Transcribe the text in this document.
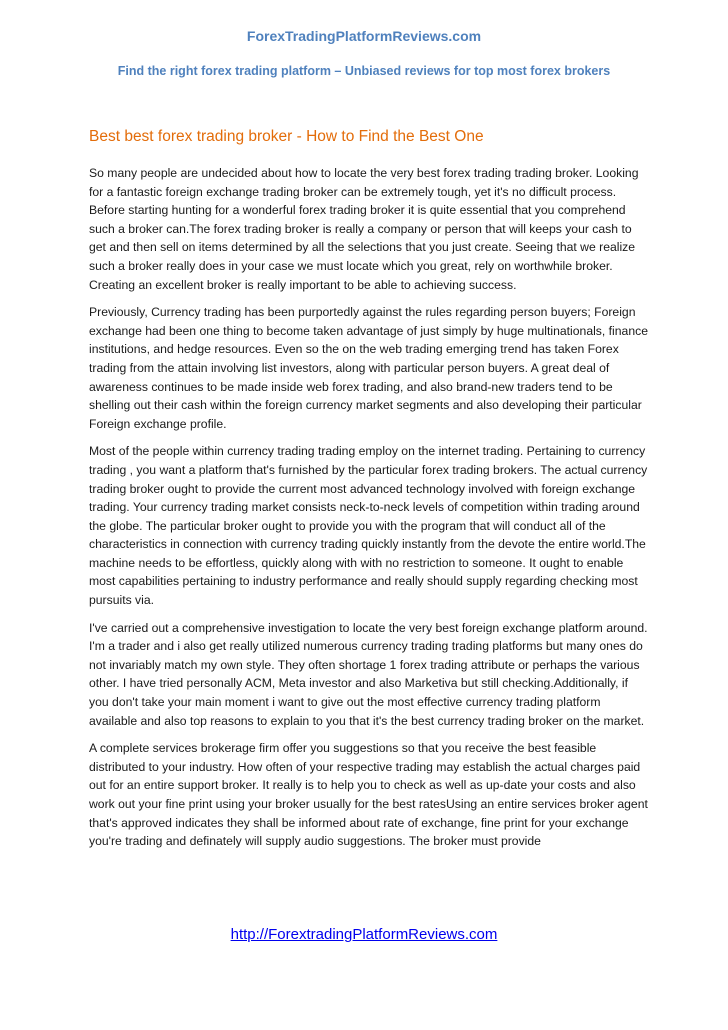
ForexTradingPlatformReviews.com

Find the right forex trading platform – Unbiased reviews for top most forex brokers

Best best forex trading broker - How to Find the Best One

So many people are undecided about how to locate the very best forex trading trading broker. Looking for a fantastic foreign exchange trading broker can be extremely tough, yet it's no difficult process. Before starting hunting for a wonderful forex trading broker it is quite essential that you comprehend such a broker can.The forex trading broker is really a company or person that will keeps your cash to get and then sell on items determined by all the selections that you just create. Seeing that we realize such a broker really does in your case we must locate which you great, rely on worthwhile broker. Creating an excellent broker is really important to be able to achieving success.

Previously, Currency trading has been purportedly against the rules regarding person buyers; Foreign exchange had been one thing to become taken advantage of just simply by huge multinationals, finance institutions, and hedge resources. Even so the on the web trading emerging trend has taken Forex trading from the attain involving list investors, along with particular person buyers. A great deal of awareness continues to be made inside web forex trading, and also brand-new traders tend to be shelling out their cash within the foreign currency market segments and also developing their particular Foreign exchange profile.

Most of the people within currency trading trading employ on the internet trading. Pertaining to currency trading , you want a platform that's furnished by the particular forex trading brokers. The actual currency trading broker ought to provide the current most advanced technology involved with foreign exchange trading. Your currency trading market consists neck-to-neck levels of competition within trading around the globe. The particular broker ought to provide you with the program that will conduct all of the characteristics in connection with currency trading quickly instantly from the devote the entire world.The machine needs to be effortless, quickly along with with no restriction to someone. It ought to enable most capabilities pertaining to industry performance and really should supply regarding checking most pursuits via.

I've carried out a comprehensive investigation to locate the very best foreign exchange platform around. I'm a trader and i also get really utilized numerous currency trading trading platforms but many ones do not invariably match my own style. They often shortage 1 forex trading attribute or perhaps the various other. I have tried personally ACM, Meta investor and also Marketiva but still checking.Additionally, if you don't take your main moment i want to give out the most effective currency trading platform available and also top reasons to explain to you that it's the best currency trading broker on the market.

A complete services brokerage firm offer you suggestions so that you receive the best feasible distributed to your industry. How often of your respective trading may establish the actual charges paid out for an entire support broker. It really is to help you to check as well as up-date your costs and also work out your fine print using your broker usually for the best ratesUsing an entire services broker agent that's approved indicates they shall be informed about rate of exchange, fine print for your exchange you're trading and definately will supply audio suggestions. The broker must provide

http://ForextradingPlatformReviews.com
